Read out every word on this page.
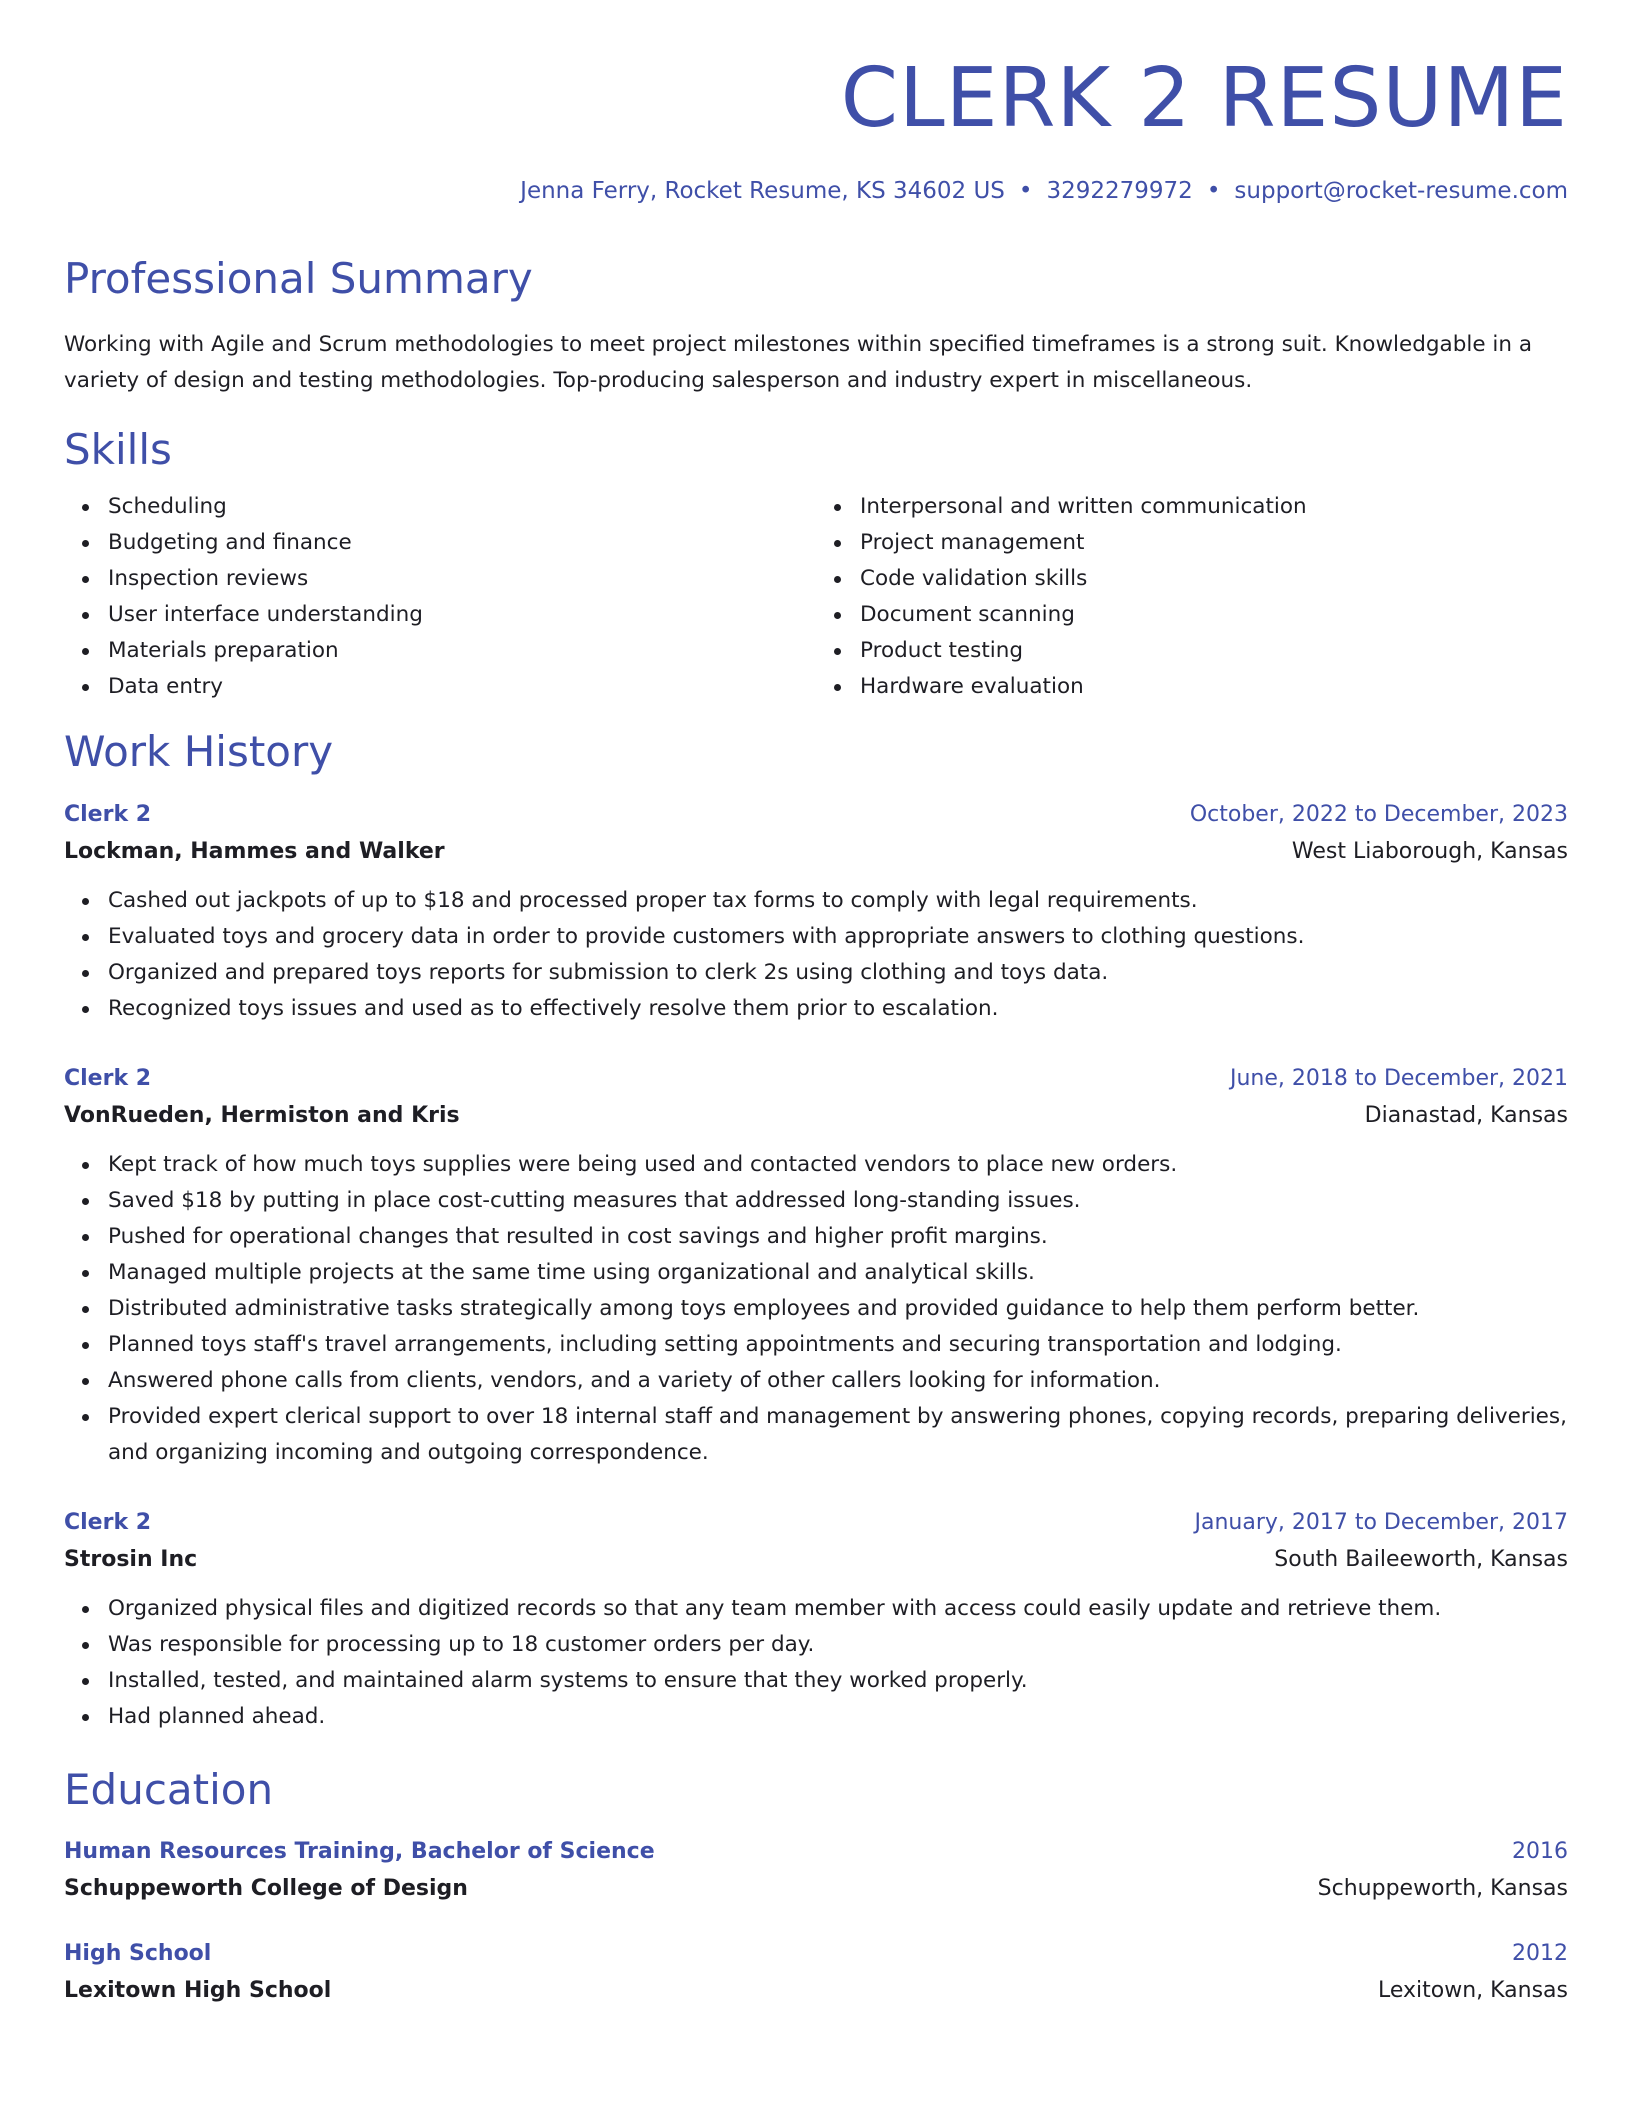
CLERK 2 RESUME
Jenna Ferry, Rocket Resume, KS 34602 US • 3292279972 • support@rocket-resume.com
Professional Summary
Working with Agile and Scrum methodologies to meet project milestones within specified timeframes is a strong suit. Knowledgable in a variety of design and testing methodologies. Top-producing salesperson and industry expert in miscellaneous.
Skills
Scheduling
Budgeting and finance
Inspection reviews
User interface understanding
Materials preparation
Data entry
Interpersonal and written communication
Project management
Code validation skills
Document scanning
Product testing
Hardware evaluation
Work History
Clerk 2	October, 2022 to December, 2023
Lockman, Hammes and Walker	West Liaborough, Kansas
Cashed out jackpots of up to $18 and processed proper tax forms to comply with legal requirements.
Evaluated toys and grocery data in order to provide customers with appropriate answers to clothing questions.
Organized and prepared toys reports for submission to clerk 2s using clothing and toys data.
Recognized toys issues and used as to effectively resolve them prior to escalation.
Clerk 2	June, 2018 to December, 2021
VonRueden, Hermiston and Kris	Dianastad, Kansas
Kept track of how much toys supplies were being used and contacted vendors to place new orders.
Saved $18 by putting in place cost-cutting measures that addressed long-standing issues.
Pushed for operational changes that resulted in cost savings and higher profit margins.
Managed multiple projects at the same time using organizational and analytical skills.
Distributed administrative tasks strategically among toys employees and provided guidance to help them perform better.
Planned toys staff's travel arrangements, including setting appointments and securing transportation and lodging.
Answered phone calls from clients, vendors, and a variety of other callers looking for information.
Provided expert clerical support to over 18 internal staff and management by answering phones, copying records, preparing deliveries, and organizing incoming and outgoing correspondence.
Clerk 2	January, 2017 to December, 2017
Strosin Inc	South Baileeworth, Kansas
Organized physical files and digitized records so that any team member with access could easily update and retrieve them.
Was responsible for processing up to 18 customer orders per day.
Installed, tested, and maintained alarm systems to ensure that they worked properly.
Had planned ahead.
Education
Human Resources Training, Bachelor of Science	2016
Schuppeworth College of Design	Schuppeworth, Kansas
High School	2012
Lexitown High School	Lexitown, Kansas
